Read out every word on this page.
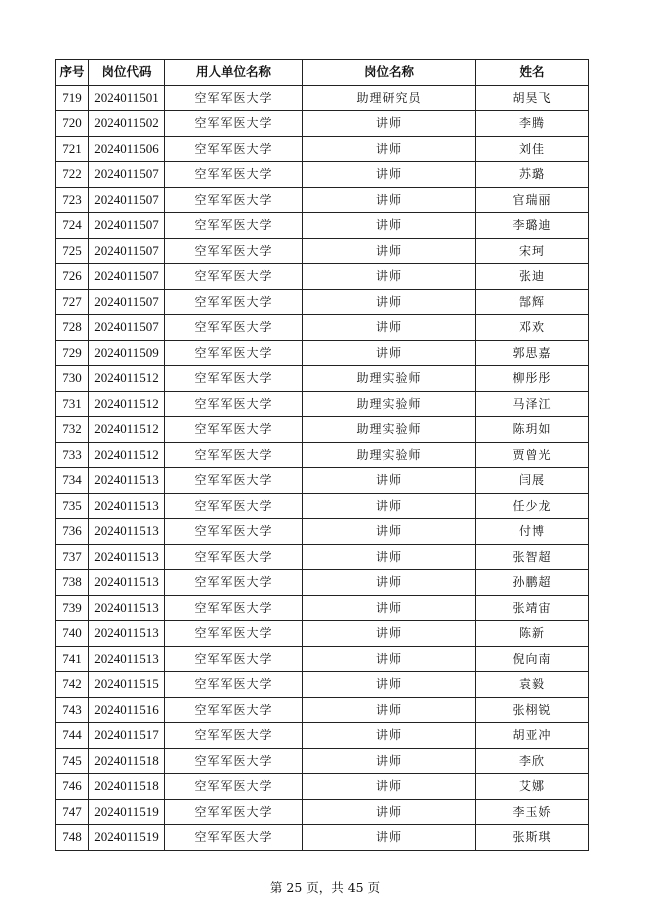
序号	岗位代码	用人单位名称	岗位名称	姓名
719	2024011501	空军军医大学	助理研究员	胡昊飞
720	2024011502	空军军医大学	讲师	李腾
721	2024011506	空军军医大学	讲师	刘佳
722	2024011507	空军军医大学	讲师	苏璐
723	2024011507	空军军医大学	讲师	官瑞丽
724	2024011507	空军军医大学	讲师	李璐迪
725	2024011507	空军军医大学	讲师	宋珂
726	2024011507	空军军医大学	讲师	张迪
727	2024011507	空军军医大学	讲师	郜辉
728	2024011507	空军军医大学	讲师	邓欢
729	2024011509	空军军医大学	讲师	郭思嘉
730	2024011512	空军军医大学	助理实验师	柳彤彤
731	2024011512	空军军医大学	助理实验师	马泽江
732	2024011512	空军军医大学	助理实验师	陈玥如
733	2024011512	空军军医大学	助理实验师	贾曾光
734	2024011513	空军军医大学	讲师	闫展
735	2024011513	空军军医大学	讲师	任少龙
736	2024011513	空军军医大学	讲师	付博
737	2024011513	空军军医大学	讲师	张智超
738	2024011513	空军军医大学	讲师	孙鹏超
739	2024011513	空军军医大学	讲师	张靖宙
740	2024011513	空军军医大学	讲师	陈新
741	2024011513	空军军医大学	讲师	倪向南
742	2024011515	空军军医大学	讲师	袁毅
743	2024011516	空军军医大学	讲师	张栩锐
744	2024011517	空军军医大学	讲师	胡亚冲
745	2024011518	空军军医大学	讲师	李欣
746	2024011518	空军军医大学	讲师	艾娜
747	2024011519	空军军医大学	讲师	李玉娇
748	2024011519	空军军医大学	讲师	张斯琪
第 25 页，共 45 页
